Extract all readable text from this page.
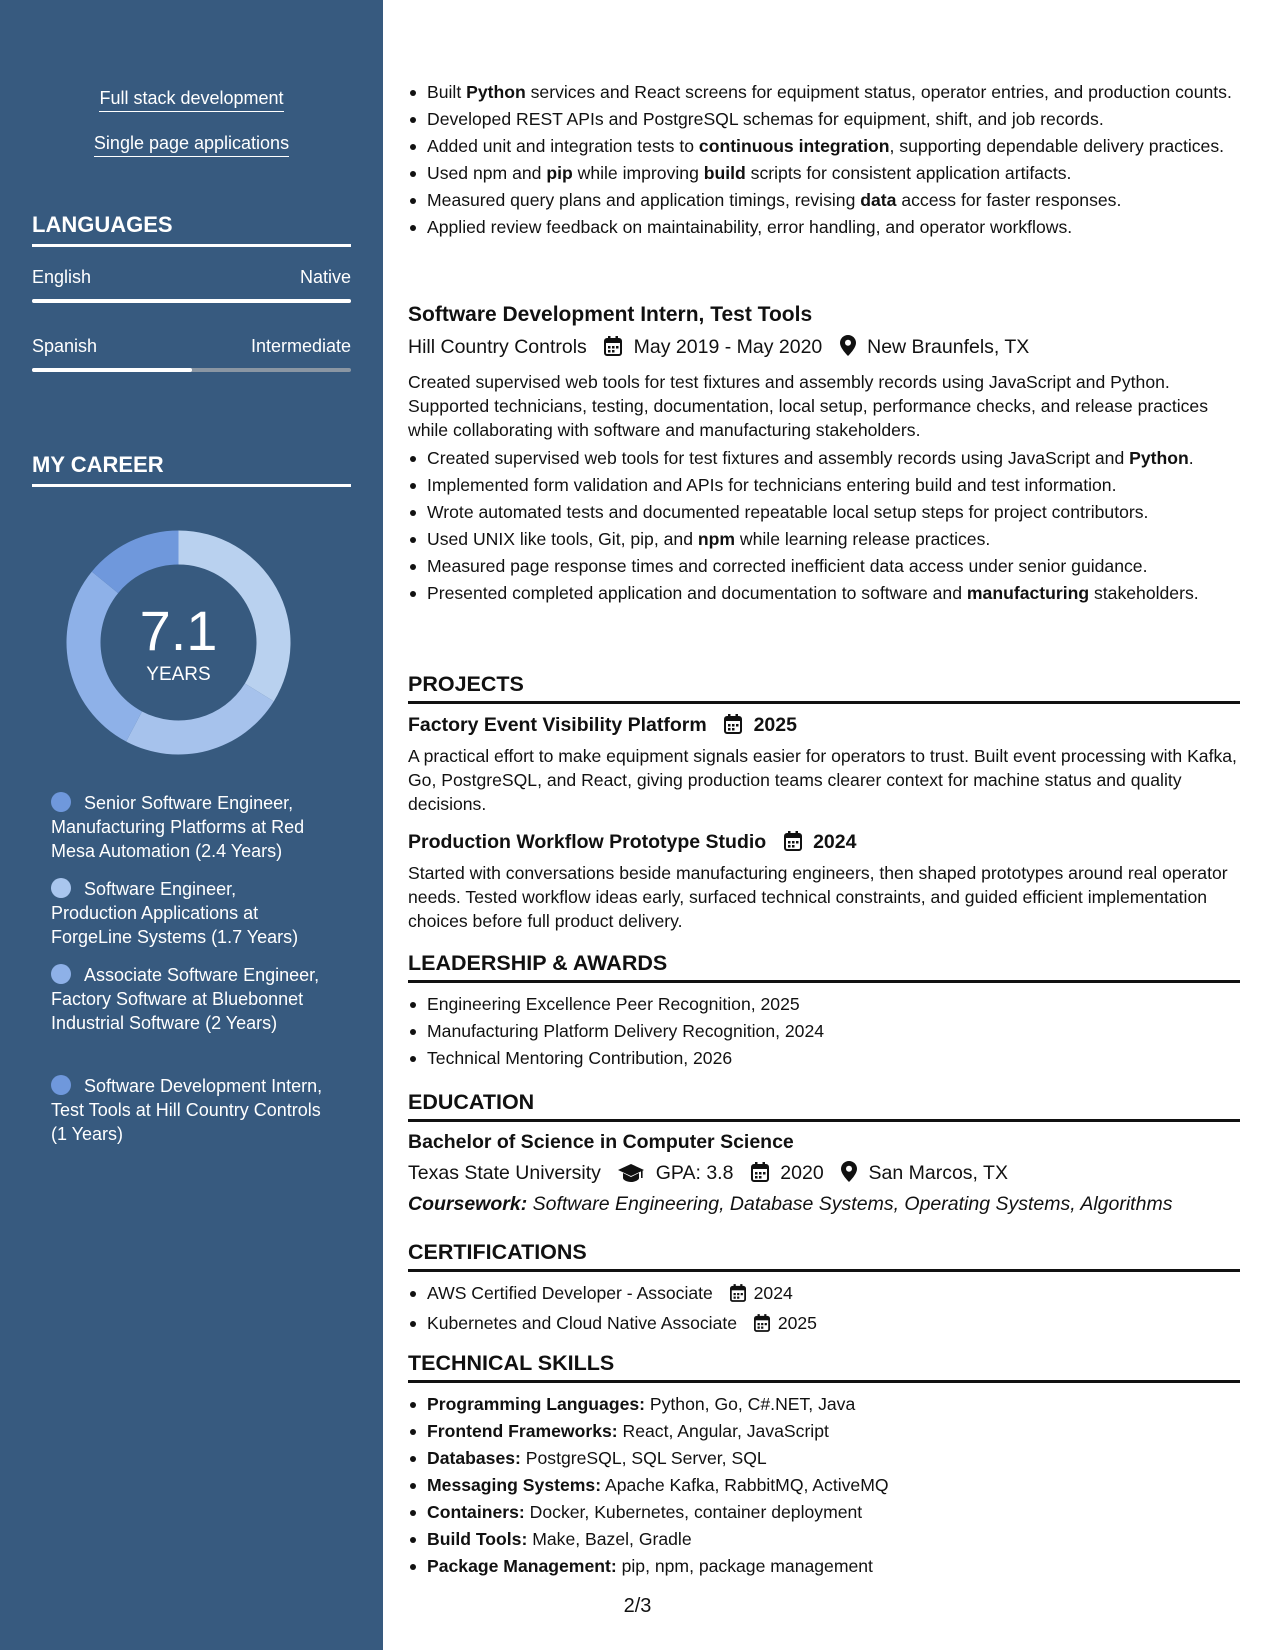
Full stack development
Single page applications
LANGUAGES
English	Native
Spanish	Intermediate
MY CAREER
7.1
YEARS
Senior Software Engineer, Manufacturing Platforms at Red Mesa Automation (2.4 Years)
Software Engineer, Production Applications at ForgeLine Systems (1.7 Years)
Associate Software Engineer, Factory Software at Bluebonnet Industrial Software (2 Years)
Software Development Intern, Test Tools at Hill Country Controls (1 Years)
Built Python services and React screens for equipment status, operator entries, and production counts.
Developed REST APIs and PostgreSQL schemas for equipment, shift, and job records.
Added unit and integration tests to continuous integration, supporting dependable delivery practices.
Used npm and pip while improving build scripts for consistent application artifacts.
Measured query plans and application timings, revising data access for faster responses.
Applied review feedback on maintainability, error handling, and operator workflows.
Software Development Intern, Test Tools
Hill Country Controls May 2019 - May 2020 New Braunfels, TX
Created supervised web tools for test fixtures and assembly records using JavaScript and Python. Supported technicians, testing, documentation, local setup, performance checks, and release practices while collaborating with software and manufacturing stakeholders.
Created supervised web tools for test fixtures and assembly records using JavaScript and Python.
Implemented form validation and APIs for technicians entering build and test information.
Wrote automated tests and documented repeatable local setup steps for project contributors.
Used UNIX like tools, Git, pip, and npm while learning release practices.
Measured page response times and corrected inefficient data access under senior guidance.
Presented completed application and documentation to software and manufacturing stakeholders.
PROJECTS
Factory Event Visibility Platform 2025
A practical effort to make equipment signals easier for operators to trust. Built event processing with Kafka, Go, PostgreSQL, and React, giving production teams clearer context for machine status and quality decisions.
Production Workflow Prototype Studio 2024
Started with conversations beside manufacturing engineers, then shaped prototypes around real operator needs. Tested workflow ideas early, surfaced technical constraints, and guided efficient implementation choices before full product delivery.
LEADERSHIP & AWARDS
Engineering Excellence Peer Recognition, 2025
Manufacturing Platform Delivery Recognition, 2024
Technical Mentoring Contribution, 2026
EDUCATION
Bachelor of Science in Computer Science
Texas State University	GPA: 3.8 2020 San Marcos, TX
Coursework: Software Engineering, Database Systems, Operating Systems, Algorithms
CERTIFICATIONS
AWS Certified Developer - Associate 2024
Kubernetes and Cloud Native Associate 2025
TECHNICAL SKILLS
Programming Languages: Python, Go, C#.NET, Java
Frontend Frameworks: React, Angular, JavaScript
Databases: PostgreSQL, SQL Server, SQL
Messaging Systems: Apache Kafka, RabbitMQ, ActiveMQ
Containers: Docker, Kubernetes, container deployment
Build Tools: Make, Bazel, Gradle
Package Management: pip, npm, package management
2/3
